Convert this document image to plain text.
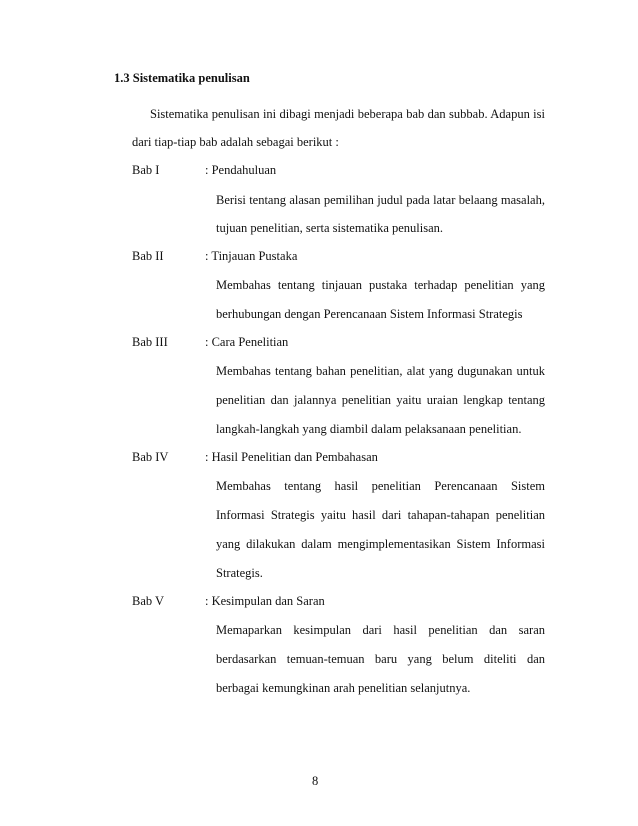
1.3 Sistematika penulisan
Sistematika penulisan ini dibagi menjadi beberapa bab dan subbab. Adapun isi
dari tiap-tiap bab adalah sebagai berikut :
Bab I	: Pendahuluan
Berisi tentang alasan pemilihan judul pada latar belaang masalah,
tujuan penelitian, serta sistematika penulisan.
Bab II	: Tinjauan Pustaka
Membahas tentang tinjauan pustaka terhadap penelitian yang
berhubungan dengan Perencanaan Sistem Informasi Strategis
Bab III	: Cara Penelitian
Membahas tentang bahan penelitian, alat yang dugunakan untuk
penelitian dan jalannya penelitian yaitu uraian lengkap tentang
langkah-langkah yang diambil dalam pelaksanaan penelitian.
Bab IV	: Hasil Penelitian dan Pembahasan
Membahas tentang hasil penelitian Perencanaan Sistem
Informasi Strategis yaitu hasil dari tahapan-tahapan penelitian
yang dilakukan dalam mengimplementasikan Sistem Informasi
Strategis.
Bab V	: Kesimpulan dan Saran
Memaparkan kesimpulan dari hasil penelitian dan saran
berdasarkan temuan-temuan baru yang belum diteliti dan
berbagai kemungkinan arah penelitian selanjutnya.
8
